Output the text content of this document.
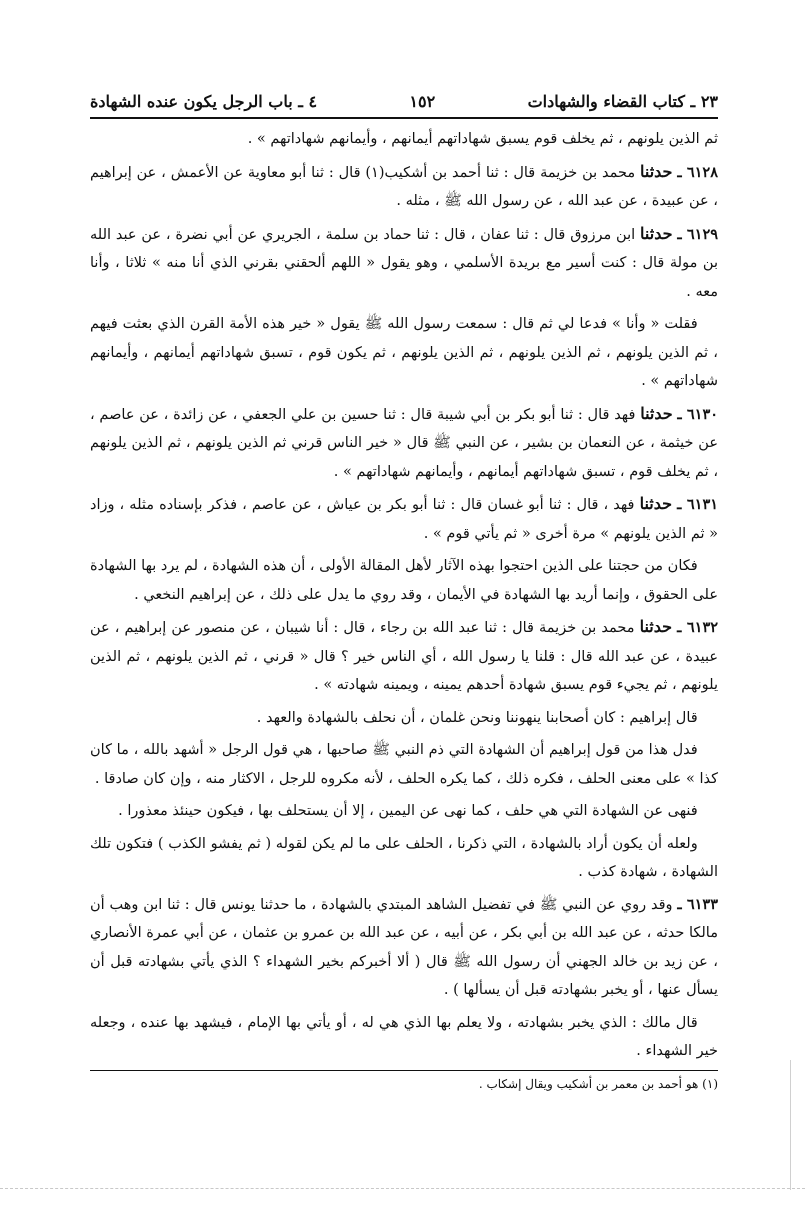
٢٣ ـ كتاب القضاء والشهادات
١٥٢
٤ ـ باب الرجل يكون عنده الشهادة

ثم الذين يلونهم ، ثم يخلف قوم يسبق شهاداتهم أيمانهم ، وأيمانهم شهاداتهم » .

٦١٢٨ ـ حدثنا محمد بن خزيمة قال : ثنا أحمد بن أشكيب(١) قال : ثنا أبو معاوية عن الأعمش ، عن إبراهيم ، عن عبيدة ، عن عبد الله ، عن رسول الله ﷺ ، مثله .

٦١٢٩ ـ حدثنا ابن مرزوق قال : ثنا عفان ، قال : ثنا حماد بن سلمة ، الجريري عن أبي نضرة ، عن عبد الله بن مولة قال : كنت أسير مع بريدة الأسلمي ، وهو يقول « اللهم ألحقني بقرني الذي أنا منه » ثلاثا ، وأنا معه .

فقلت « وأنا » فدعا لي ثم قال : سمعت رسول الله ﷺ يقول « خير هذه الأمة القرن الذي بعثت فيهم ، ثم الذين يلونهم ، ثم الذين يلونهم ، ثم الذين يلونهم ، ثم يكون قوم ، تسبق شهاداتهم أيمانهم ، وأيمانهم شهاداتهم » .

٦١٣٠ ـ حدثنا فهد قال : ثنا أبو بكر بن أبي شيبة قال : ثنا حسين بن علي الجعفي ، عن زائدة ، عن عاصم ، عن خيثمة ، عن النعمان بن بشير ، عن النبي ﷺ قال « خير الناس قرني ثم الذين يلونهم ، ثم الذين يلونهم ، ثم يخلف قوم ، تسبق شهاداتهم أيمانهم ، وأيمانهم شهاداتهم » .

٦١٣١ ـ حدثنا فهد ، قال : ثنا أبو غسان قال : ثنا أبو بكر بن عياش ، عن عاصم ، فذكر بإسناده مثله ، وزاد « ثم الذين يلونهم » مرة أخرى « ثم يأتي قوم » .

فكان من حجتنا على الذين احتجوا بهذه الآثار لأهل المقالة الأولى ، أن هذه الشهادة ، لم يرد بها الشهادة على الحقوق ، وإنما أريد بها الشهادة في الأيمان ، وقد روي ما يدل على ذلك ، عن إبراهيم النخعي .

٦١٣٢ ـ حدثنا محمد بن خزيمة قال : ثنا عبد الله بن رجاء ، قال : أنا شيبان ، عن منصور عن إبراهيم ، عن عبيدة ، عن عبد الله قال : قلنا يا رسول الله ، أي الناس خير ؟ قال « قرني ، ثم الذين يلونهم ، ثم الذين يلونهم ، ثم يجيء قوم يسبق شهادة أحدهم يمينه ، ويمينه شهادته » .

قال إبراهيم : كان أصحابنا ينهوننا ونحن غلمان ، أن نحلف بالشهادة والعهد .

فدل هذا من قول إبراهيم أن الشهادة التي ذم النبي ﷺ صاحبها ، هي قول الرجل « أشهد بالله ، ما كان كذا » على معنى الحلف ، فكره ذلك ، كما يكره الحلف ، لأنه مكروه للرجل ، الاكثار منه ، وإن كان صادقا .

فنهى عن الشهادة التي هي حلف ، كما نهى عن اليمين ، إلا أن يستحلف بها ، فيكون حينئذ معذورا .

ولعله أن يكون أراد بالشهادة ، التي ذكرنا ، الحلف على ما لم يكن لقوله ( ثم يفشو الكذب ) فتكون تلك الشهادة ، شهادة كذب .

٦١٣٣ ـ وقد روي عن النبي ﷺ في تفضيل الشاهد المبتدي بالشهادة ، ما حدثنا يونس قال : ثنا ابن وهب أن مالكا حدثه ، عن عبد الله بن أبي بكر ، عن أبيه ، عن عبد الله بن عمرو بن عثمان ، عن أبي عمرة الأنصاري ، عن زيد بن خالد الجهني أن رسول الله ﷺ قال ( ألا أخبركم بخير الشهداء ؟ الذي يأتي بشهادته قبل أن يسأل عنها ، أو يخبر بشهادته قبل أن يسألها ) .

قال مالك : الذي يخبر بشهادته ، ولا يعلم بها الذي هي له ، أو يأتي بها الإمام ، فيشهد بها عنده ، وجعله خير الشهداء .

(١) هو أحمد بن معمر بن أشكيب ويقال إشكاب .
